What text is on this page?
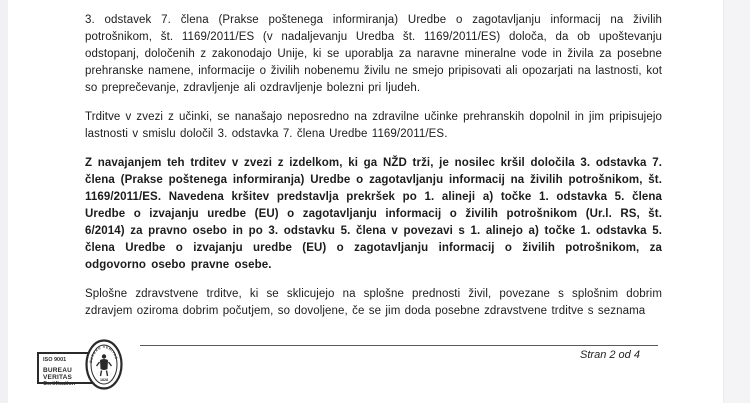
3. odstavek 7. člena (Prakse poštenega informiranja) Uredbe o zagotavljanju informacij na živilih potrošnikom, št. 1169/2011/ES (v nadaljevanju Uredba št. 1169/2011/ES) določa, da ob upoštevanju odstopanj, določenih z zakonodajo Unije, ki se uporablja za naravne mineralne vode in živila za posebne prehranske namene, informacije o živilih nobenemu živilu ne smejo pripisovati ali opozarjati na lastnosti, kot so preprečevanje, zdravljenje ali ozdravljenje bolezni pri ljudeh.

Trditve v zvezi z učinki, se nanašajo neposredno na zdravilne učinke prehranskih dopolnil in jim pripisujejo lastnosti v smislu določil 3. odstavka 7. člena Uredbe 1169/2011/ES.

Z navajanjem teh trditev v zvezi z izdelkom, ki ga NŽD trži, je nosilec kršil določila 3. odstavka 7. člena (Prakse poštenega informiranja) Uredbe o zagotavljanju informacij na živilih potrošnikom, št. 1169/2011/ES. Navedena kršitev predstavlja prekršek po 1. alineji a) točke 1. odstavka 5. člena Uredbe o izvajanju uredbe (EU) o zagotavljanju informacij o živilih potrošnikom (Ur.l. RS, št. 6/2014) za pravno osebo in po 3. odstavku 5. člena v povezavi s 1. alinejo a) točke 1. odstavka 5. člena Uredbe o izvajanju uredbe (EU) o zagotavljanju informacij o živilih potrošnikom, za odgovorno osebo pravne osebe.

Splošne zdravstvene trditve, ki se sklicujejo na splošne prednosti živil, povezane s splošnim dobrim zdravjem oziroma dobrim počutjem, so dovoljene, če se jim doda posebne zdravstvene trditve s seznama

Stran 2 od 4
ISO 9001
BUREAU VERITAS
Certification
BUREAU VERITAS
1828
